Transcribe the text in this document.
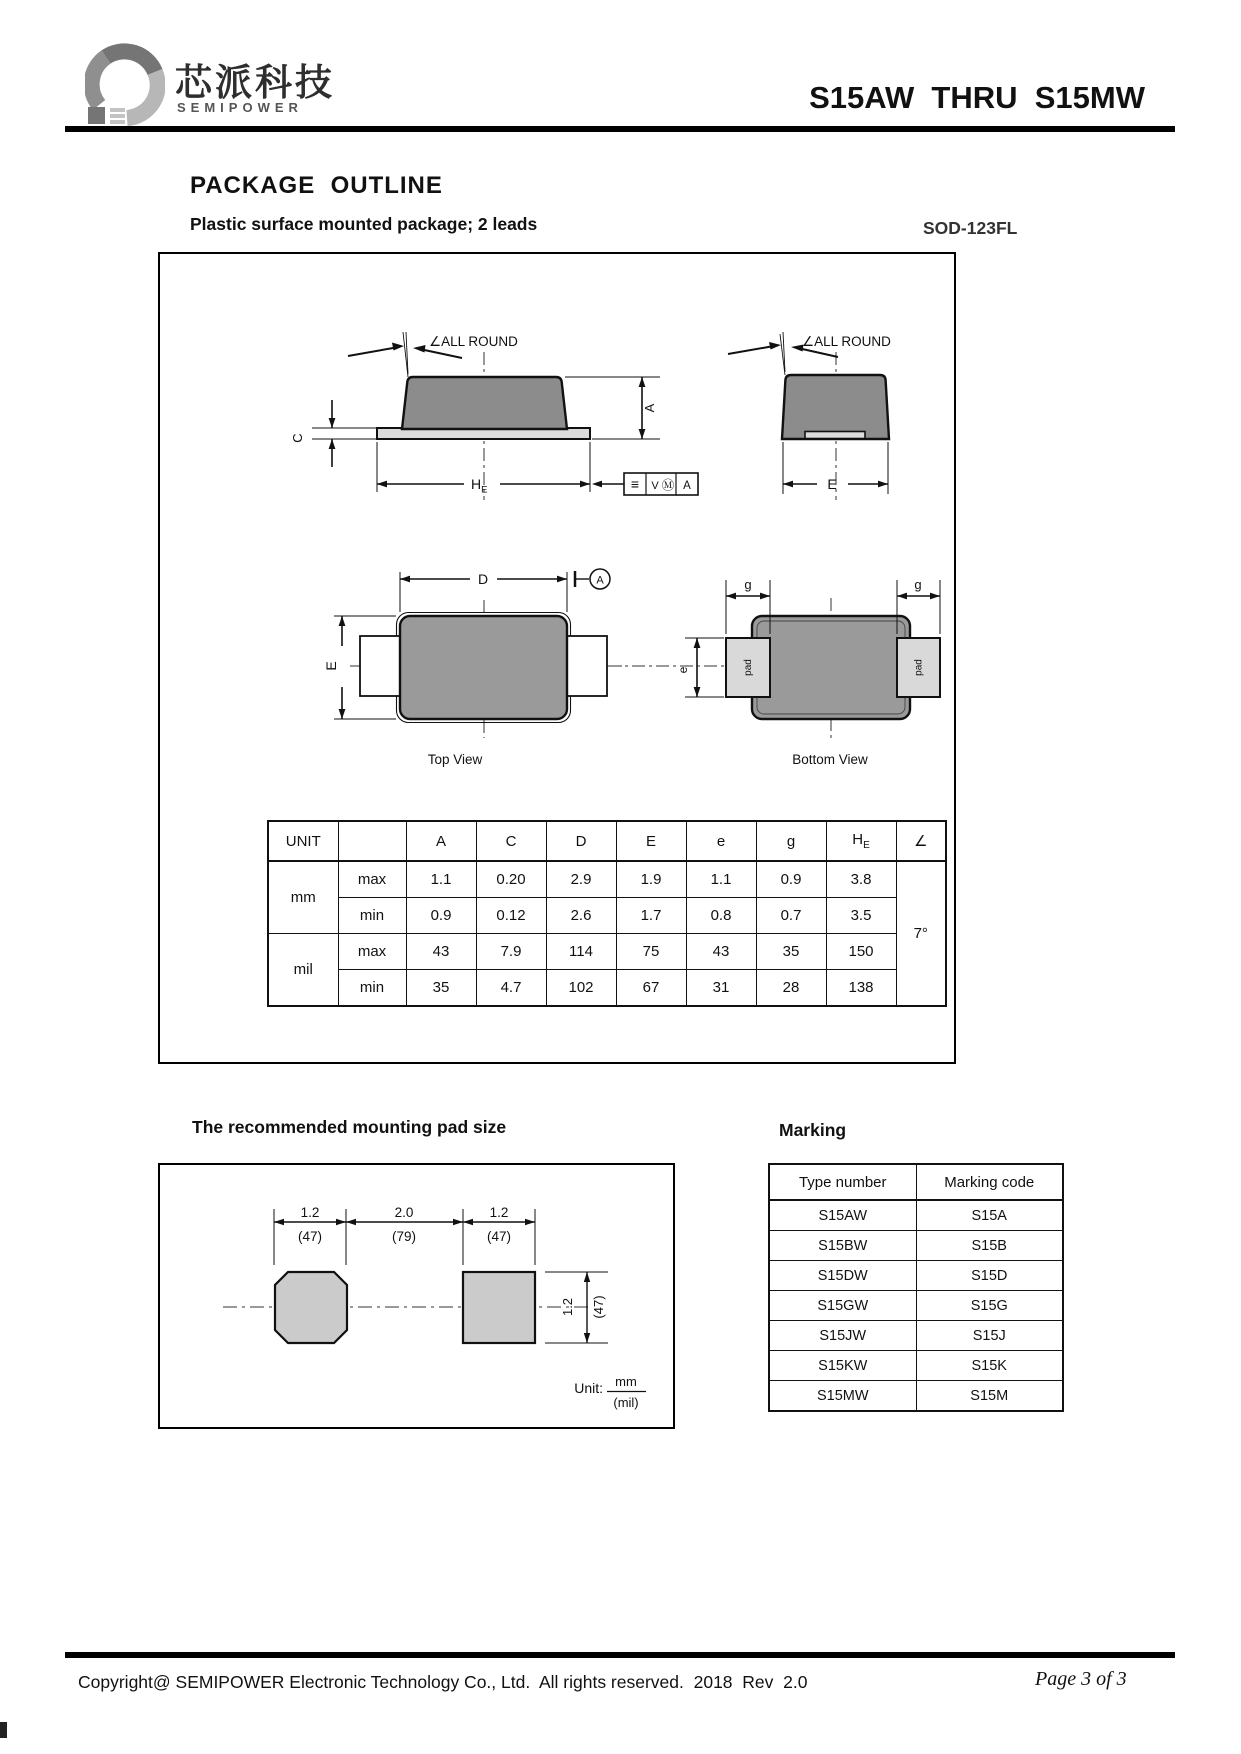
芯派科技
SEMIPOWER	S15AW  THRU  S15MW
PACKAGE  OUTLINE
Plastic surface mounted package; 2 leads	SOD-123FL
∠ALL ROUND
C
A
$H_E$	≡ V Ⓜ A
∠ALL ROUND
E
D	A
E
Top View
pad	pad
g	g
e
Bottom View
UNIT		A	C	D	E	e	g	$H_E$	∠
mm	max	1.1	0.20	2.9	1.9	1.1	0.9	3.8	7°
	min	0.9	0.12	2.6	1.7	0.8	0.7	3.5	
mil	max	43	7.9	114	75	43	35	150	
	min	35	4.7	102	67	31	28	138	
The recommended mounting pad size	Marking
1.2	2.0	1.2
(47)	(79)	(47)
1.2 (47)
Unit: mm
(mil)
Type number	Marking code
S15AW	S15A
S15BW	S15B
S15DW	S15D
S15GW	S15G
S15JW	S15J
S15KW	S15K
S15MW	S15M
Copyright@ SEMIPOWER Electronic Technology Co., Ltd.  All rights reserved.  2018  Rev  2.0	Page 3 of 3
